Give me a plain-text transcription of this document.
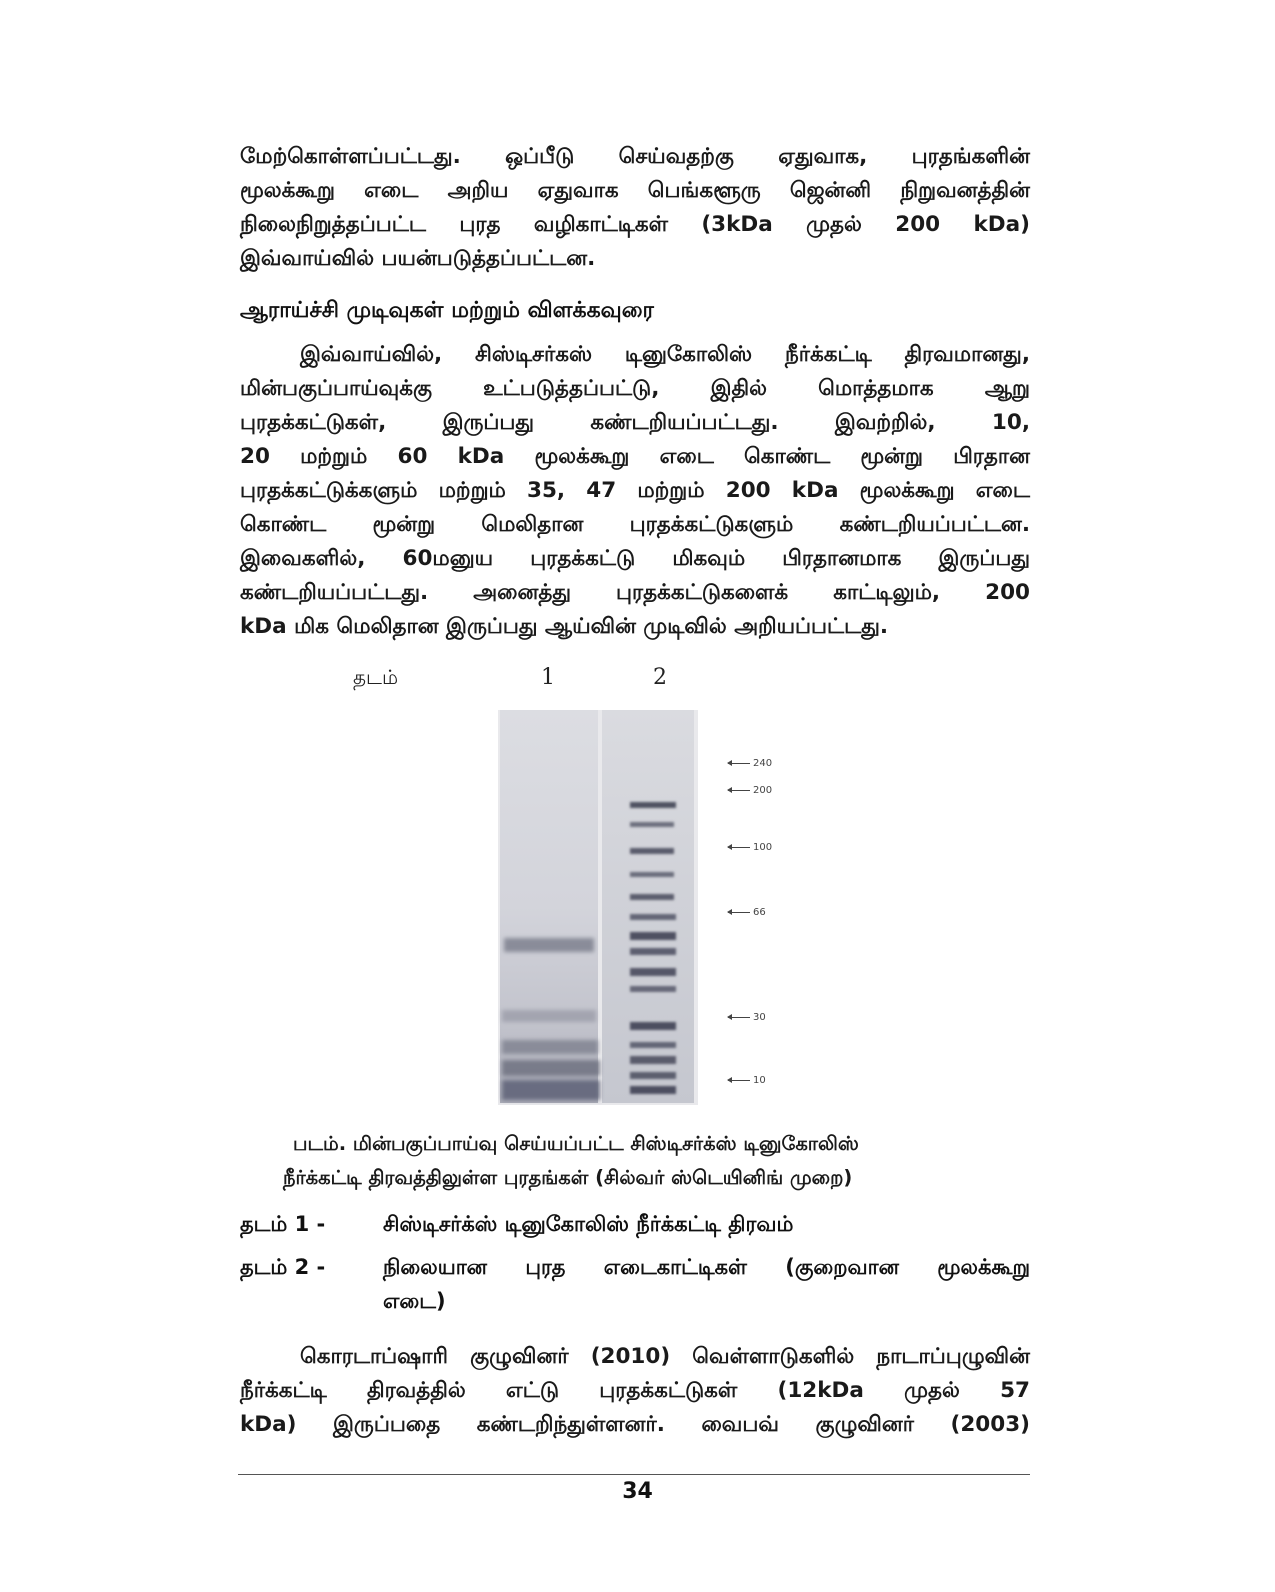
மேற்கொள்ளப்பட்டது. ஒப்பீடு செய்வதற்கு ஏதுவாக, புரதங்களின்
மூலக்கூறு எடை அறிய ஏதுவாக பெங்களூரு ஜென்னி நிறுவனத்தின்
நிலைநிறுத்தப்பட்ட புரத வழிகாட்டிகள் (3kDa முதல் 200 kDa)
இவ்வாய்வில் பயன்படுத்தப்பட்டன.

ஆராய்ச்சி முடிவுகள் மற்றும் விளக்கவுரை

இவ்வாய்வில், சிஸ்டிசர்கஸ் டினுகோலிஸ் நீர்க்கட்டி திரவமானது,
மின்பகுப்பாய்வுக்கு உட்படுத்தப்பட்டு, இதில் மொத்தமாக ஆறு
புரதக்கட்டுகள், இருப்பது கண்டறியப்பட்டது. இவற்றில், 10,
20 மற்றும் 60 kDa மூலக்கூறு எடை கொண்ட மூன்று பிரதான
புரதக்கட்டுக்களும் மற்றும் 35, 47 மற்றும் 200 kDa மூலக்கூறு எடை
கொண்ட மூன்று மெலிதான புரதக்கட்டுகளும் கண்டறியப்பட்டன.
இவைகளில், 60மனுய புரதக்கட்டு மிகவும் பிரதானமாக இருப்பது
கண்டறியப்பட்டது. அனைத்து புரதக்கட்டுகளைக் காட்டிலும், 200
kDa மிக மெலிதான இருப்பது ஆய்வின் முடிவில் அறியப்பட்டது.

தடம்	1	2
240
200
100
66
30
10
படம். மின்பகுப்பாய்வு செய்யப்பட்ட சிஸ்டிசர்க்ஸ் டினுகோலிஸ்
நீர்க்கட்டி திரவத்திலுள்ள புரதங்கள் (சில்வர் ஸ்டெயினிங் முறை)
தடம் 1 -	சிஸ்டிசர்க்ஸ் டினுகோலிஸ் நீர்க்கட்டி திரவம்
தடம் 2 -	நிலையான புரத எடைகாட்டிகள் (குறைவான மூலக்கூறு
எடை)

கொரடாப்ஷாரி குழுவினர் (2010) வெள்ளாடுகளில் நாடாப்புழுவின்
நீர்க்கட்டி திரவத்தில் எட்டு புரதக்கட்டுகள் (12kDa முதல் 57
kDa) இருப்பதை கண்டறிந்துள்ளனர். வைபவ் குழுவினர் (2003)

34
